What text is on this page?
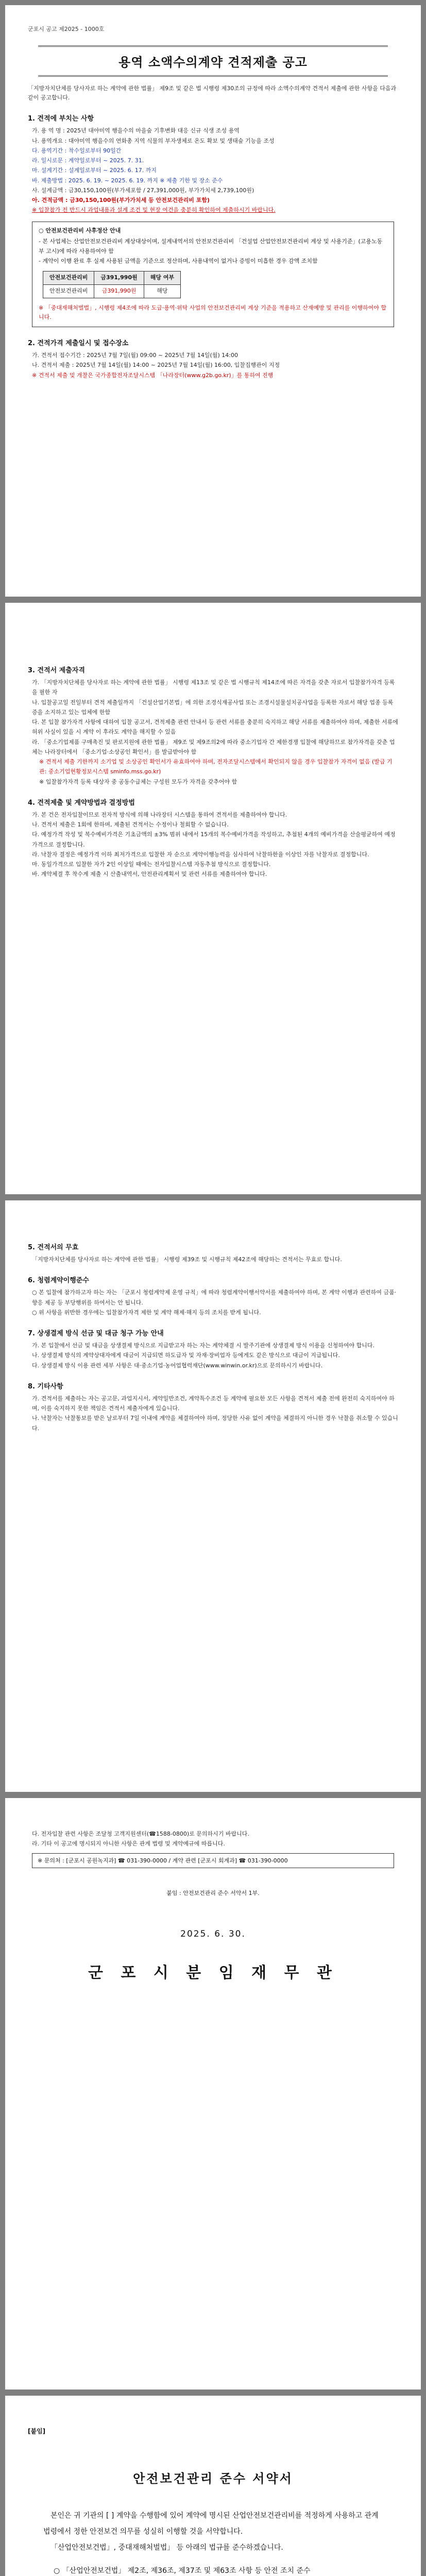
군포시 공고 제2025 - 1000호
용역 소액수의계약 견적제출 공고
「지방자치단체를 당사자로 하는 계약에 관한 법률」 제9조 및 같은 법 시행령 제30조의 규정에 따라 소액수의계약 견적서 제출에 관한 사항을 다음과 같이 공고합니다.
1. 견적에 부치는 사항
가. 용 역 명 : 2025년 대야미역 행을수의 마을숲 기후변화 대응 신규 식생 조성 용역
나. 용역개요 : 대야미역 행을수의 연화총 지역 식물의 부자생체로 온도 확보 및 생태숲 기능을 조성
다. 용역기간 : 착수일로부터 90일간
라. 일시로문 : 계약일로부터 ~ 2025. 7. 31.
마. 설계기간 : 설계일로부터 ~ 2025. 6. 17. 까지
바. 제출방법 : 2025. 6. 19. ~ 2025. 6. 19. 까지 ※ 제출 기한 및 장소 준수
사. 설계금액 : 금30,150,100원(부가세포함 / 27,391,000원, 부가가치세 2,739,100원)
아. 견적금액 : 금30,150,100원(부가가치세 등 안전보건관리비 포함)
※ 입찰참가 전 반드시 과업내용과 설계 조건 및 현장 여건을 충분히 확인하여 제출하시기 바랍니다.
○ 안전보건관리비 사후정산 안내
- 본 사업체는 산업안전보건관리비 계상대상이며, 설계내역서의 안전보건관리비 「건설업 산업안전보건관리비 계상 및 사용기준」(고용노동부 고시)에 따라 사용하여야 함
- 계약이 이행 완료 후 실제 사용된 금액을 기준으로 정산하며, 사용내역이 없거나 증빙이 미흡한 경우 감액 조치함
안전보건관리비	금391,990원	해당 여부
안전보건관리비	금391,990원	해당
※ 「중대재해처벌법」, 시행령 제4조에 따라 도급·용역·위탁 사업의 안전보건관리비 계상 기준을 적용하고 산재예방 및 관리를 이행하여야 합니다.
2. 견적가격 제출일시 및 접수장소
가. 견적서 접수기간 : 2025년 7월 7일(월) 09:00 ~ 2025년 7월 14일(월) 14:00
나. 견적서 제출 : 2025년 7월 14일(월) 14:00 ~ 2025년 7월 14일(월) 16:00, 입찰집행관이 지정
※ 견적서 제출 및 개찰은 국가종합전자조달시스템 「나라장터(www.g2b.go.kr)」를 통하여 진행
3. 견적서 제출자격
가. 「지방자치단체를 당사자로 하는 계약에 관한 법률」 시행령 제13조 및 같은 법 시행규칙 제14조에 따른 자격을 갖춘 자로서 입찰참가자격 등록을 필한 자
나. 입찰공고일 전일부터 견적 제출일까지 「건설산업기본법」에 의한 조경식재공사업 또는 조경시설물설치공사업을 등록한 자로서 해당 업종 등록증을 소지하고 있는 업체에 한함
다. 본 입찰 참가자격 사항에 대하여 입찰 공고서, 견적제출 관련 안내서 등 관련 서류를 충분히 숙지하고 해당 서류를 제출하여야 하며, 제출한 서류에 허위 사실이 있을 시 계약 이 후라도 계약을 해지할 수 있음
라. 「중소기업제품 구매촉진 및 판로지원에 관한 법률」 제9조 및 제9조의2에 따라 중소기업자 간 제한경쟁 입찰에 해당하므로 참가자격을 갖춘 업체는 나라장터에서 「중소기업·소상공인 확인서」를 발급받아야 함
※ 견적서 제출 기한까지 소기업 및 소상공인 확인서가 유효하여야 하며, 전자조달시스템에서 확인되지 않을 경우 입찰참가 자격이 없음 (발급 기관: 중소기업현황정보시스템 sminfo.mss.go.kr)
※ 입찰참가자격 등록 대상자 중 공동수급체는 구성원 모두가 자격을 갖추어야 함
4. 견적제출 및 계약방법과 결정방법
가. 본 건은 전자입찰이므로 전자적 방식에 의해 나라장터 시스템을 통하여 견적서를 제출하여야 합니다.
나. 견적서 제출은 1회에 한하며, 제출된 견적서는 수정이나 철회할 수 없습니다.
다. 예정가격 작성 및 복수예비가격은 기초금액의 ±3% 범위 내에서 15개의 복수예비가격을 작성하고, 추첨된 4개의 예비가격을 산술평균하여 예정가격으로 결정합니다.
라. 낙찰자 결정은 예정가격 이하 최저가격으로 입찰한 자 순으로 계약이행능력을 심사하여 낙찰하한율 이상인 자를 낙찰자로 결정합니다.
마. 동일가격으로 입찰한 자가 2인 이상일 때에는 전자입찰시스템 자동추첨 방식으로 결정합니다.
바. 계약체결 후 착수계 제출 시 산출내역서, 안전관리계획서 및 관련 서류를 제출하여야 합니다.
5. 견적서의 무효
「지방자치단체를 당사자로 하는 계약에 관한 법률」 시행령 제39조 및 시행규칙 제42조에 해당하는 견적서는 무효로 합니다.
6. 청렴계약이행준수
○ 본 입찰에 참가하고자 하는 자는 「군포시 청렴계약제 운영 규칙」에 따라 청렴계약이행서약서를 제출하여야 하며, 본 계약 이행과 관련하여 금품·향응 제공 등 부당행위를 하여서는 안 됩니다.
○ 위 사항을 위반한 경우에는 입찰참가자격 제한 및 계약 해제·해지 등의 조치를 받게 됩니다.
7. 상생결제 방식 선금 및 대금 청구 가능 안내
가. 본 입찰에서 선금 및 대금을 상생결제 방식으로 지급받고자 하는 자는 계약체결 시 발주기관에 상생결제 방식 이용을 신청하여야 합니다.
나. 상생결제 방식의 계약상대자에게 대금이 지급되면 하도급자 및 자재·장비업자 등에게도 같은 방식으로 대금이 지급됩니다.
다. 상생결제 방식 이용 관련 세부 사항은 대·중소기업·농어업협력재단(www.winwin.or.kr)으로 문의하시기 바랍니다.
8. 기타사항
가. 견적서를 제출하는 자는 공고문, 과업지시서, 계약일반조건, 계약특수조건 등 계약에 필요한 모든 사항을 견적서 제출 전에 완전히 숙지하여야 하며, 이를 숙지하지 못한 책임은 견적서 제출자에게 있습니다.
나. 낙찰자는 낙찰통보를 받은 날로부터 7일 이내에 계약을 체결하여야 하며, 정당한 사유 없이 계약을 체결하지 아니한 경우 낙찰을 취소할 수 있습니다.
다. 전자입찰 관련 사항은 조달청 고객지원센터(☎1588-0800)로 문의하시기 바랍니다.
라. 기타 이 공고에 명시되지 아니한 사항은 관계 법령 및 계약예규에 따릅니다.
※ 문의처 : [군포시 공원녹지과] ☎ 031-390-0000 / 계약 관련 [군포시 회계과] ☎ 031-390-0000
붙임 : 안전보건관리 준수 서약서 1부.
2025. 6. 30.
군 포 시 분 임 재 무 관
[붙임]
안전보건관리 준수 서약서
본인은 귀 기관의 [ ] 계약을 수행함에 있어 계약에 명시된 산업안전보건관리비를 적정하게 사용하고 관계 법령에서 정한 안전보건 의무를 성실히 이행할 것을 서약합니다.
「산업안전보건법」, 중대재해처벌법」 등 아래의 법규를 준수하겠습니다.
○ 「산업안전보건법」 제2조, 제36조, 제37조 및 제63조 사항 등 안전 조치 준수
